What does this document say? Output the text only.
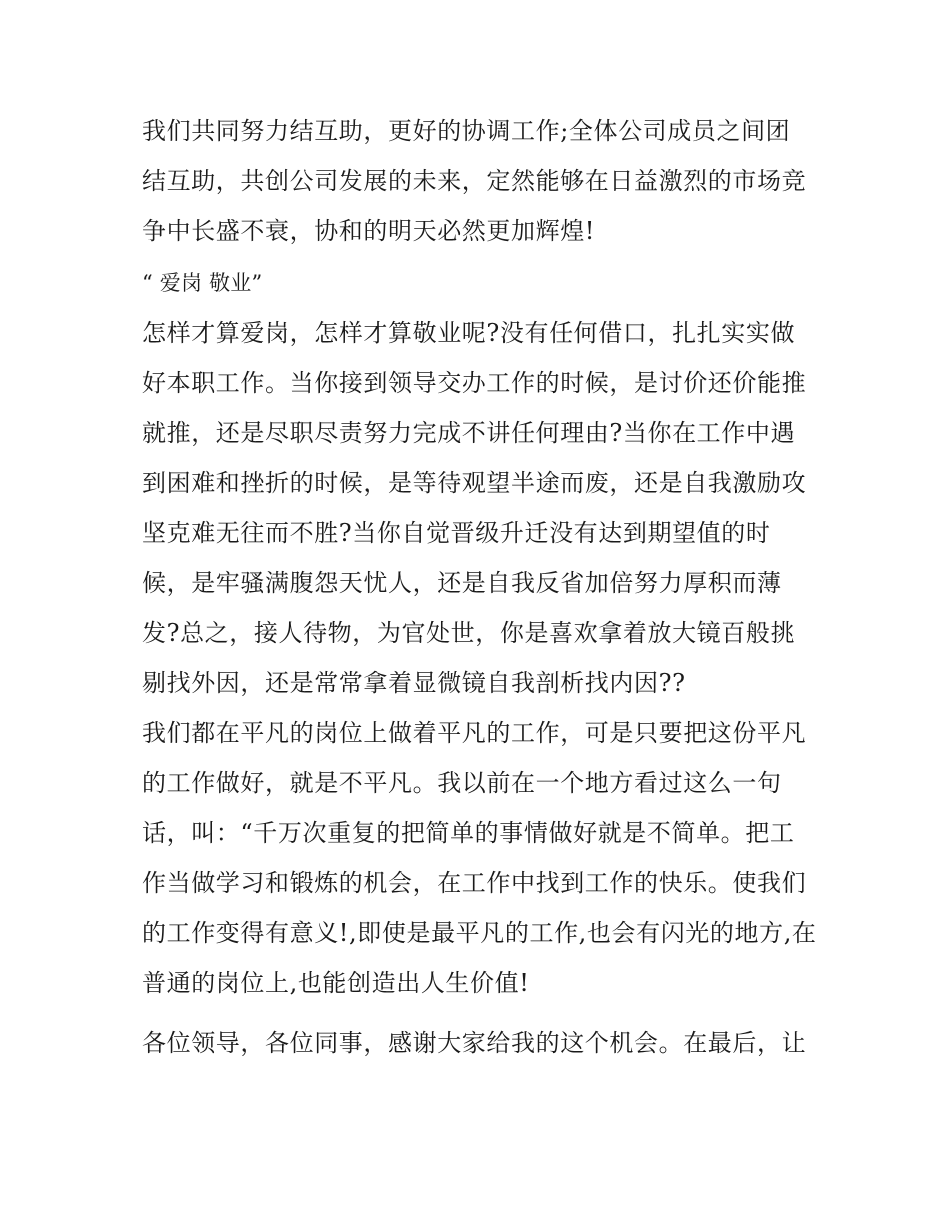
我们共同努力结互助，更好的协调工作;全体公司成员之间团
结互助，共创公司发展的未来，定然能够在日益激烈的市场竞
争中长盛不衰，协和的明天必然更加辉煌!
“ 爱岗 敬业”
怎样才算爱岗，怎样才算敬业呢?没有任何借口，扎扎实实做
好本职工作。当你接到领导交办工作的时候，是讨价还价能推
就推，还是尽职尽责努力完成不讲任何理由?当你在工作中遇
到困难和挫折的时候，是等待观望半途而废，还是自我激励攻
坚克难无往而不胜?当你自觉晋级升迁没有达到期望值的时
候，是牢骚满腹怨天忧人，还是自我反省加倍努力厚积而薄
发?总之，接人待物，为官处世，你是喜欢拿着放大镜百般挑
剔找外因，还是常常拿着显微镜自我剖析找内因??
我们都在平凡的岗位上做着平凡的工作，可是只要把这份平凡
的工作做好，就是不平凡。我以前在一个地方看过这么一句
话，叫：“千万次重复的把简单的事情做好就是不简单。把工
作当做学习和锻炼的机会，在工作中找到工作的快乐。使我们
的工作变得有意义!,即使是最平凡的工作,也会有闪光的地方,在
普通的岗位上,也能创造出人生价值!
各位领导，各位同事，感谢大家给我的这个机会。在最后，让
